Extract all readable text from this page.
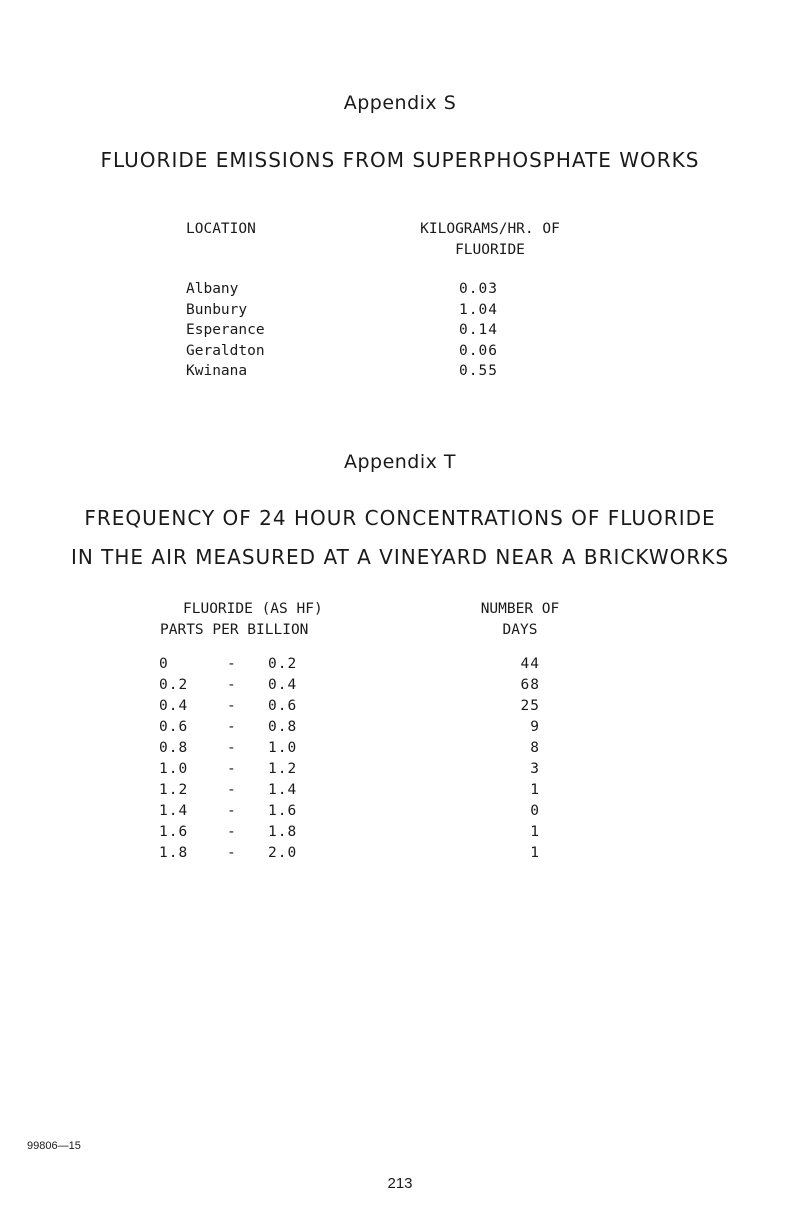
Appendix S
FLUORIDE EMISSIONS FROM SUPERPHOSPHATE WORKS
LOCATION	KILOGRAMS/HR. OF
FLUORIDE
Albany	0.03
Bunbury	1.04
Esperance	0.14
Geraldton	0.06
Kwinana	0.55
Appendix T
FREQUENCY OF 24 HOUR CONCENTRATIONS OF FLUORIDE
IN THE AIR MEASURED AT A VINEYARD NEAR A BRICKWORKS
FLUORIDE (AS HF)
PARTS PER BILLION
NUMBER OF
DAYS
0	- 0.2	44
0.2	- 0.4	68
0.4	- 0.6	25
0.6	- 0.8	9
0.8	- 1.0	8
1.0	- 1.2	3
1.2	- 1.4	1
1.4	- 1.6	0
1.6	- 1.8	1
1.8	- 2.0	1
99806—15
213
